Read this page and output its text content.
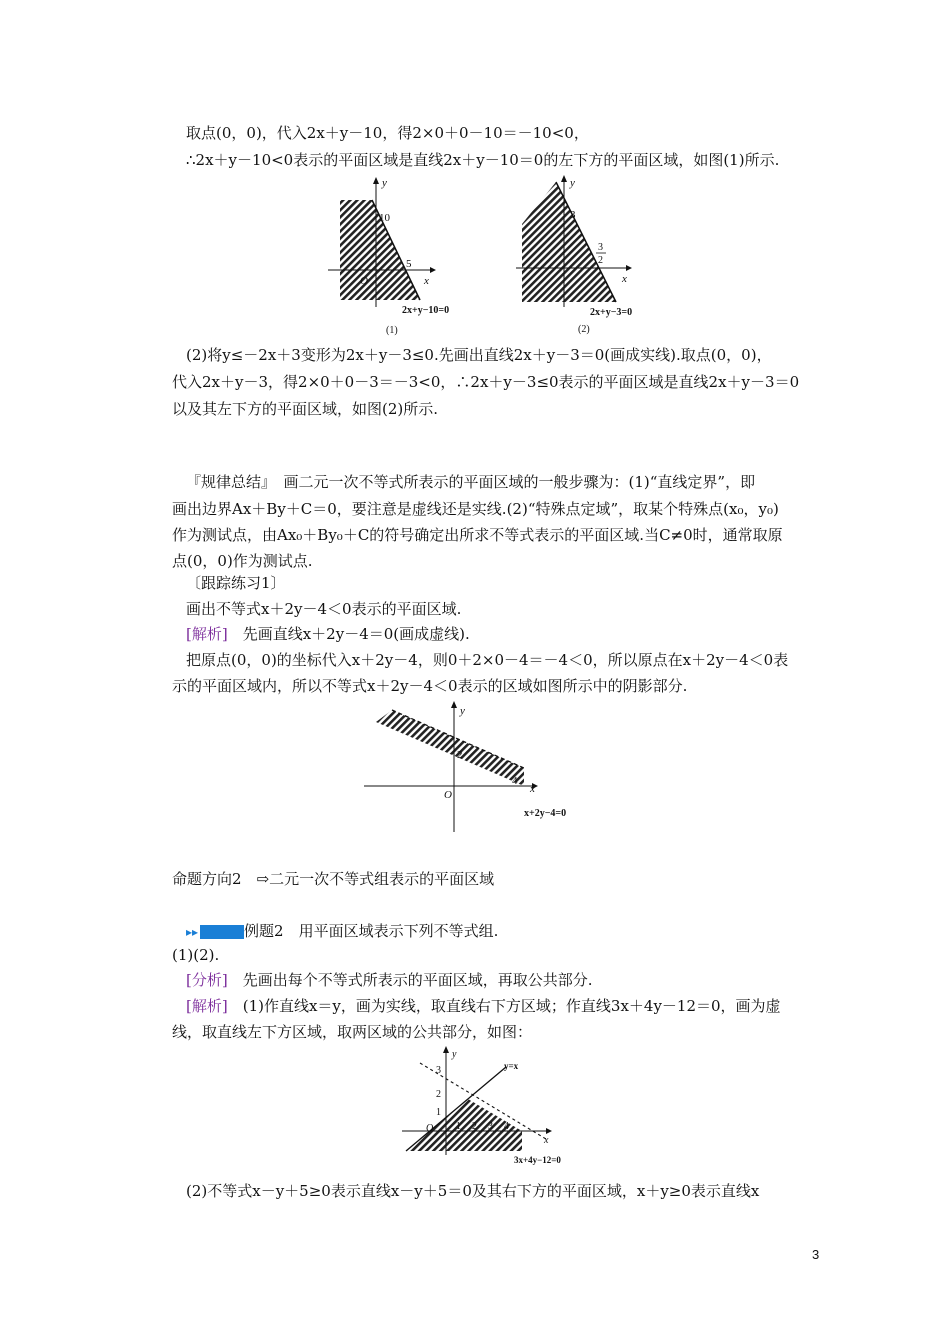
取点(0，0)，代入2x＋y－10，得2×0＋0－10＝－10<0，
∴2x＋y－10<0表示的平面区域是直线2x＋y－10＝0的左下方的平面区域，如图(1)所示.
y
x
10
5
O
2x+y−10=0
(1)
y
x
3
3
2
2x+y−3=0
(2)
(2)将y≤－2x＋3变形为2x＋y－3≤0.先画出直线2x＋y－3＝0(画成实线).取点(0，0)，
代入2x＋y－3，得2×0＋0－3＝－3<0，∴2x＋y－3≤0表示的平面区域是直线2x＋y－3＝0
以及其左下方的平面区域，如图(2)所示.
『规律总结』　画二元一次不等式所表示的平面区域的一般步骤为：(1)“直线定界”，即
画出边界Ax＋By＋C＝0，要注意是虚线还是实线.(2)“特殊点定域”，取某个特殊点(x₀，y₀)
作为测试点，由Ax₀＋By₀＋C的符号确定出所求不等式表示的平面区域.当C≠0时，通常取原
点(0，0)作为测试点.
〔跟踪练习1〕
画出不等式x＋2y－4＜0表示的平面区域.
[解析]　先画直线x＋2y－4＝0(画成虚线).
把原点(0，0)的坐标代入x＋2y－4，则0＋2×0－4＝－4＜0，所以原点在x＋2y－4＜0表
示的平面区域内，所以不等式x＋2y－4＜0表示的区域如图所示中的阴影部分.
y
x
2
4
O
x+2y−4=0
命题方向2　⇨二元一次不等式组表示的平面区域
▸▸	例题2　用平面区域表示下列不等式组.
(1)(2).
[分析]　先画出每个不等式所表示的平面区域，再取公共部分.
[解析]　(1)作直线x＝y，画为实线，取直线右下方区域；作直线3x＋4y－12＝0，画为虚
线，取直线左下方区域，取两区域的公共部分，如图：
y
x
3
2
1
1 2 3 4
O
y=x
3x+4y−12=0
(2)不等式x－y＋5≥0表示直线x－y＋5＝0及其右下方的平面区域，x＋y≥0表示直线x
3
